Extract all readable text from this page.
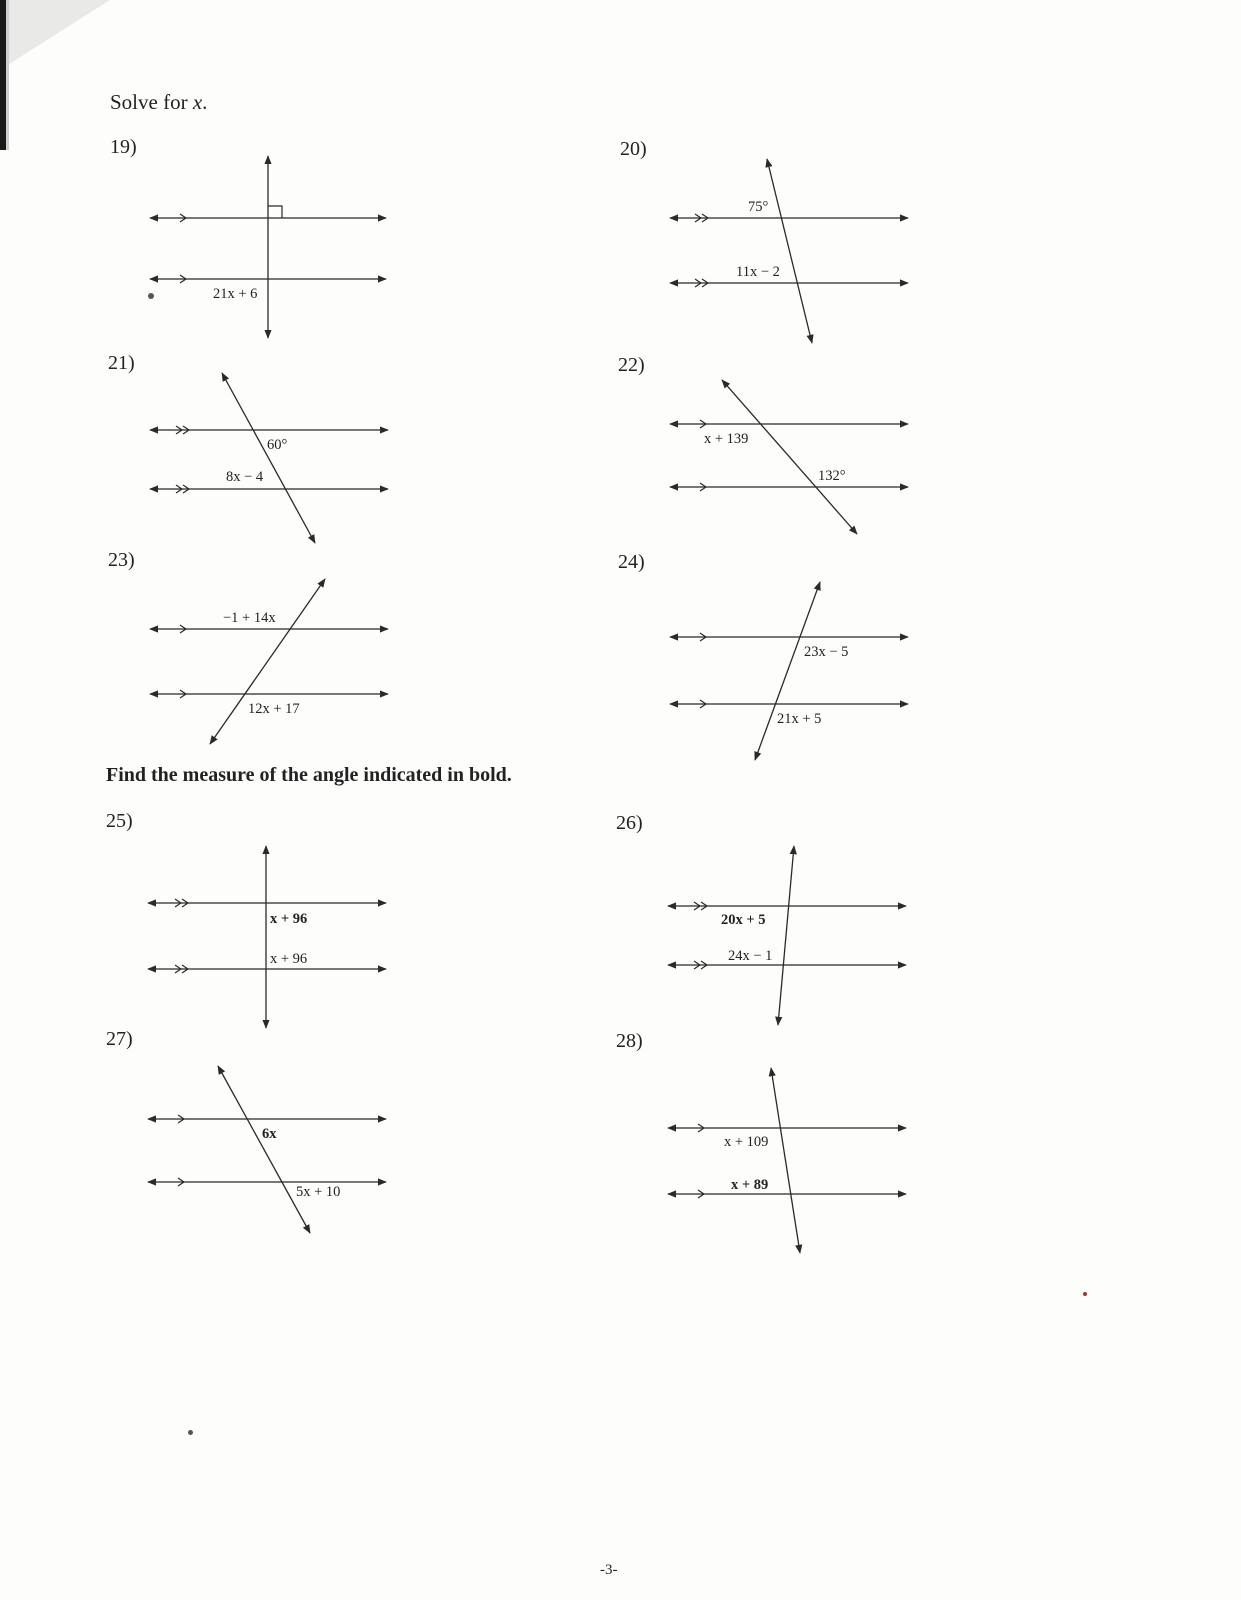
Solve for x.
19)	20)
21)	22)
23)	24)
Find the measure of the angle indicated in bold.
25)	26)
27)	28)
21x + 6
75°
11x − 2
60°
8x − 4
x + 139
132°
−1 + 14x
12x + 17
23x − 5
21x + 5
x + 96
x + 96
20x + 5
24x − 1
6x
5x + 10
x + 109
x + 89
-3-
